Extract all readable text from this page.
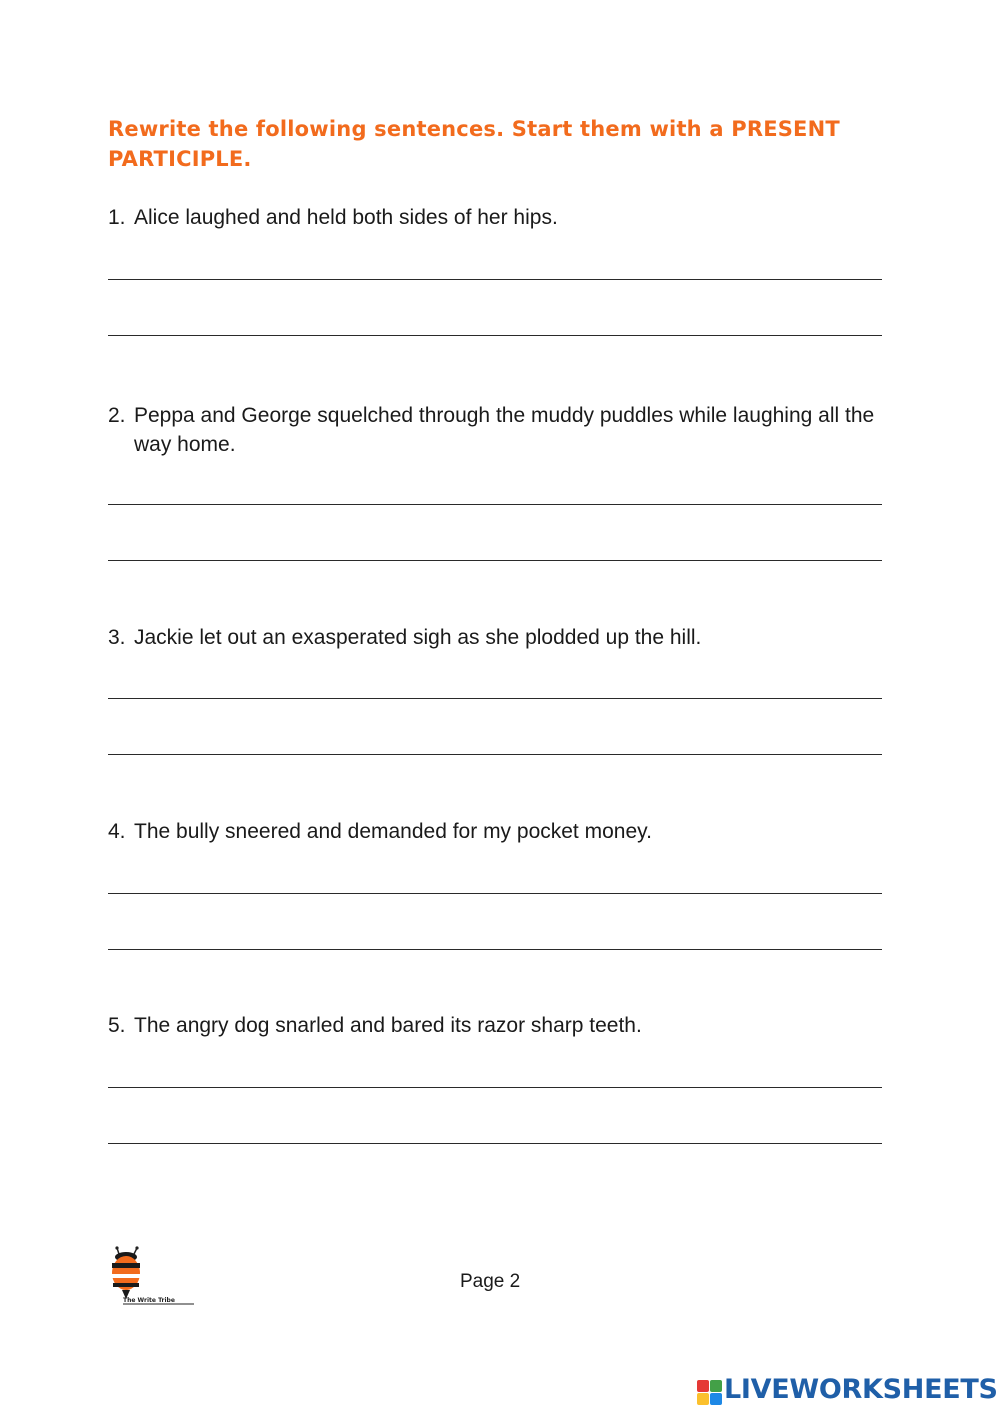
Rewrite the following sentences. Start them with a PRESENT PARTICIPLE.
1. Alice laughed and held both sides of her hips.
2. Peppa and George squelched through the muddy puddles while laughing all the way home.
3. Jackie let out an exasperated sigh as she plodded up the hill.
4. The bully sneered and demanded for my pocket money.
5. The angry dog snarled and bared its razor sharp teeth.
The Write Tribe
Page 2
LIVEWORKSHEETS
